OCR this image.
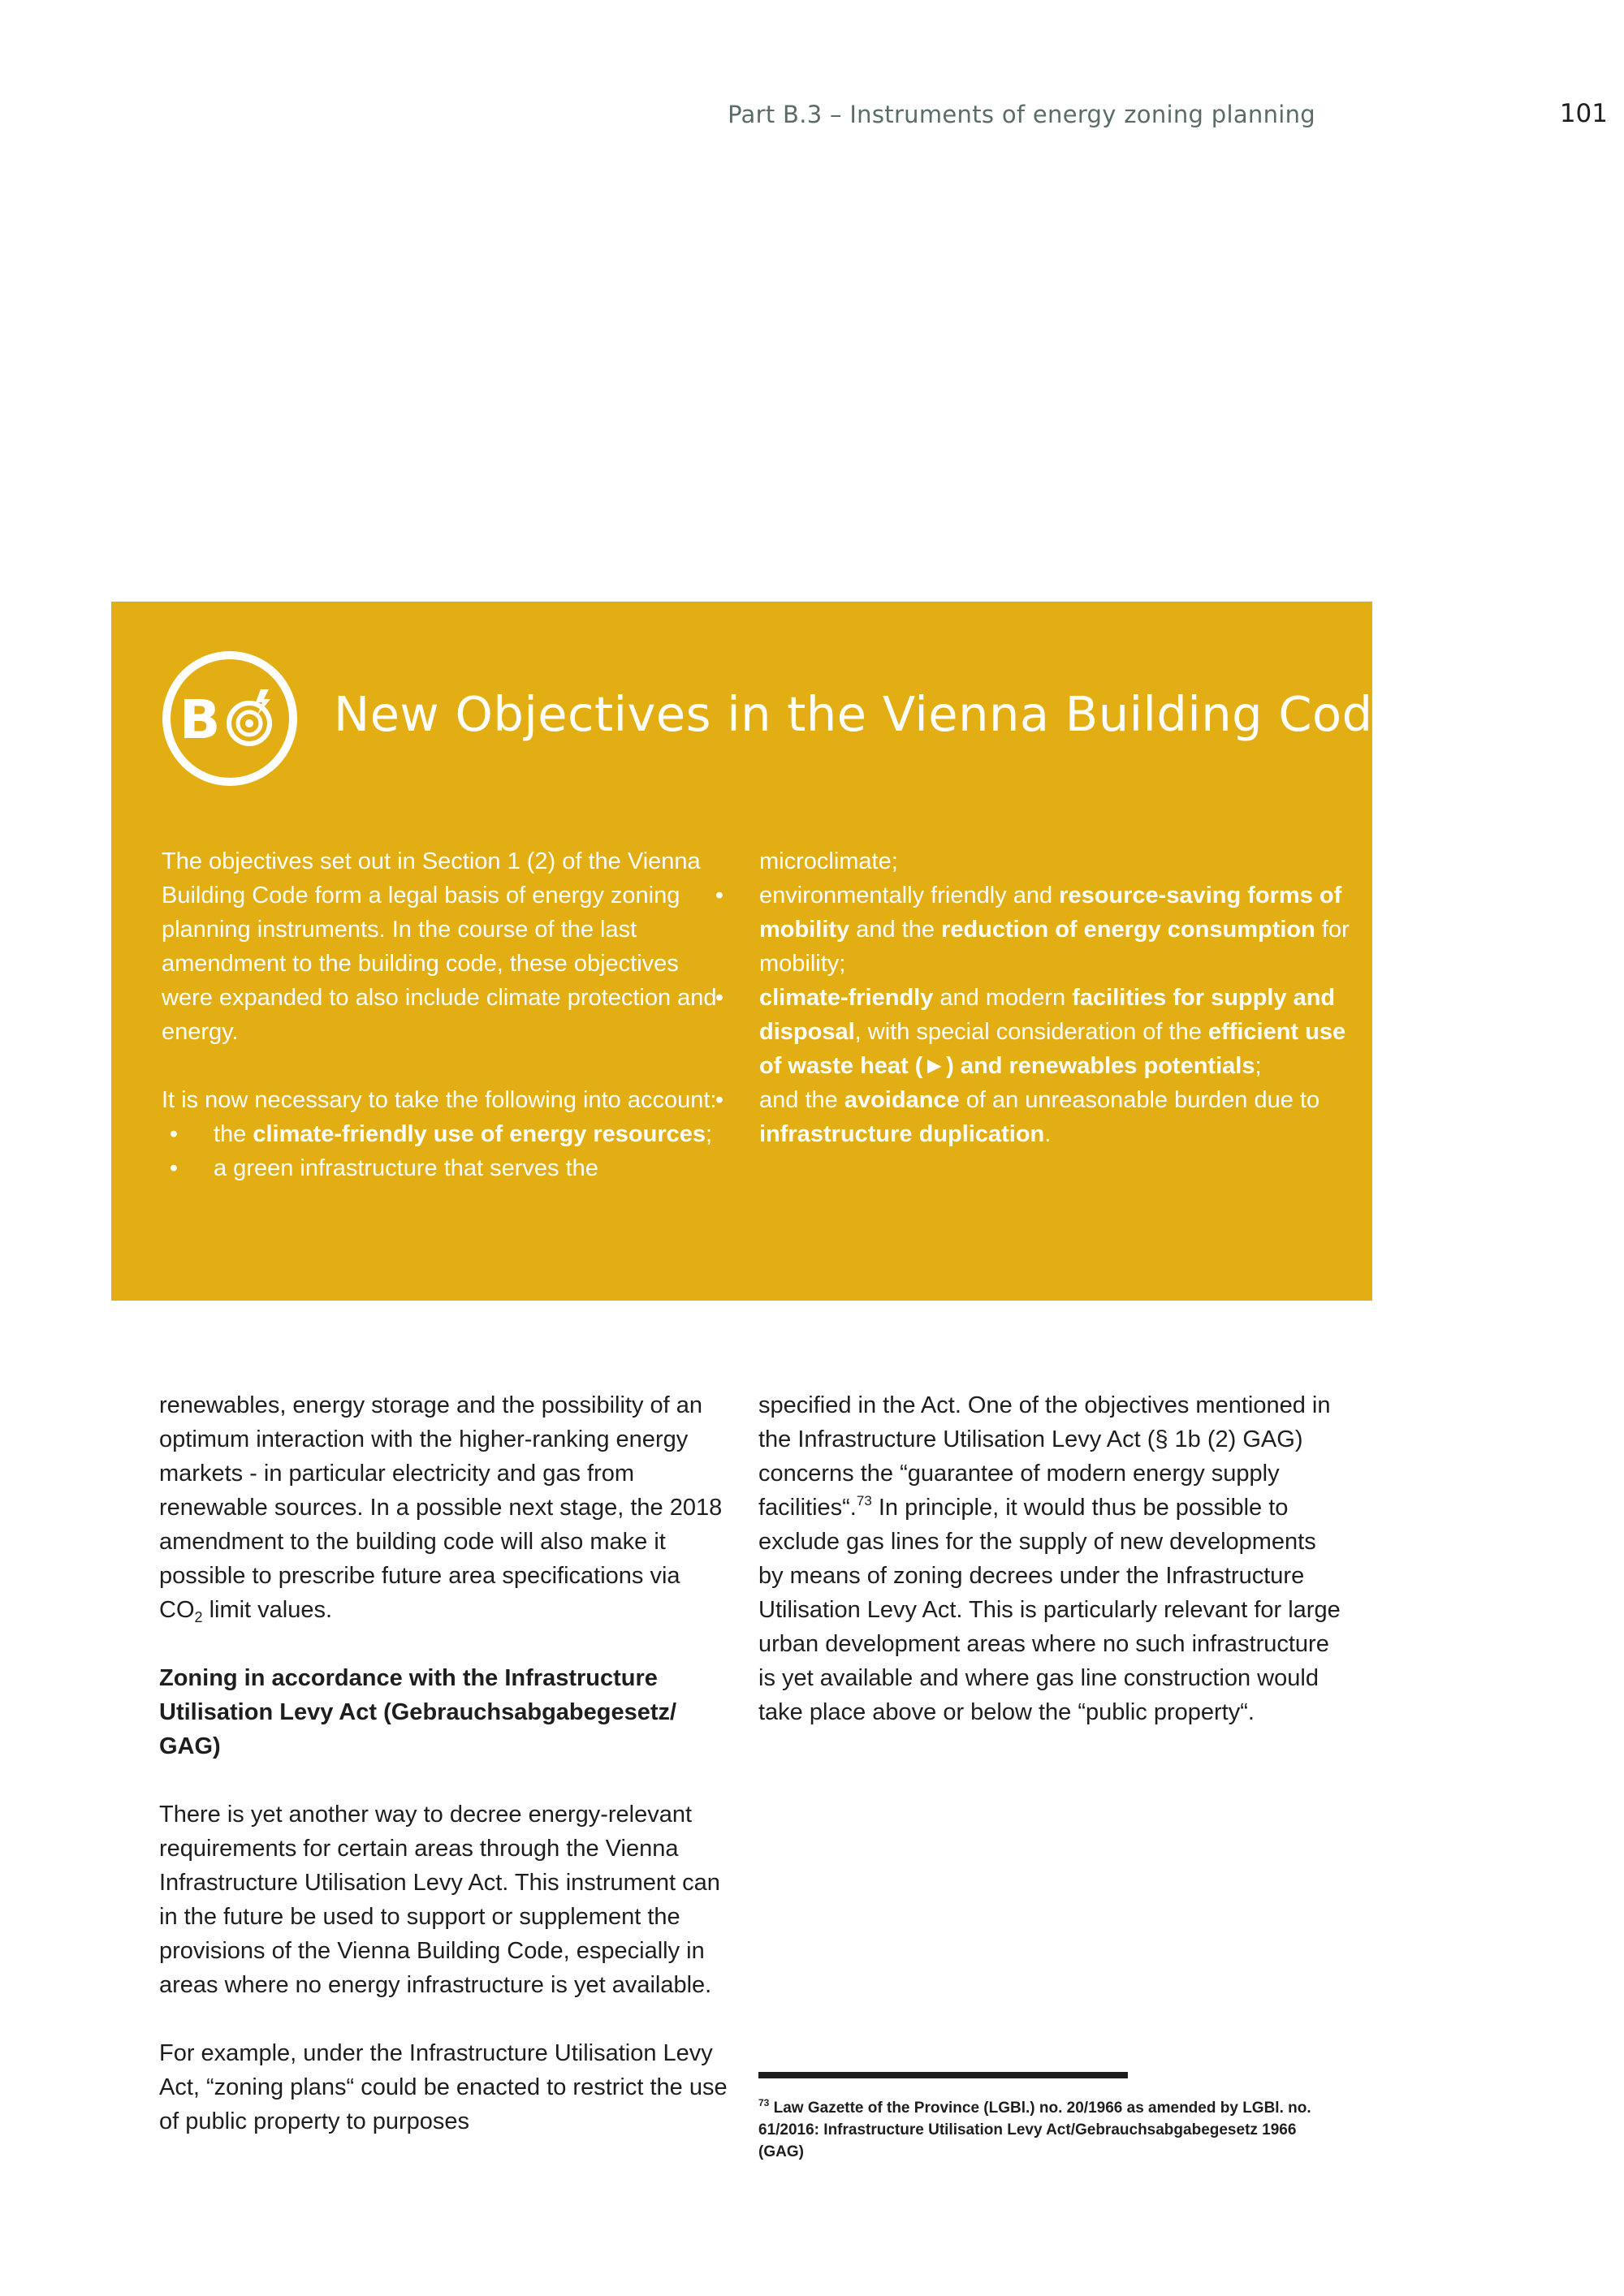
Part B.3 – Instruments of energy zoning planning	101
B New Objectives in the Vienna Building Code

The objectives set out in Section 1 (2) of the Vienna Building Code form a legal basis of energy zoning planning instruments. In the course of the last amendment to the building code, these objectives were expanded to also include climate protection and energy.

It is now necessary to take the following into account:

•	the climate-friendly use of energy resources;
•	a green infrastructure that serves the

microclimate;

•	environmentally friendly and resource-saving forms of mobility and the reduction of energy consumption for mobility;
•	climate-friendly and modern facilities for supply and disposal, with special consideration of the efficient use of waste heat (►) and renewables potentials;
•	and the avoidance of an unreasonable burden due to infrastructure duplication.

renewables, energy storage and the possibility of an optimum interaction with the higher-ranking energy markets - in particular electricity and gas from renewable sources. In a possible next stage, the 2018 amendment to the building code will also make it possible to prescribe future area specifications via $CO_2$ limit values.

Zoning in accordance with the Infrastructure Utilisation Levy Act (Gebrauchsabgabegesetz/ GAG)

There is yet another way to decree energy-relevant requirements for certain areas through the Vienna Infrastructure Utilisation Levy Act. This instrument can in the future be used to support or supplement the provisions of the Vienna Building Code, especially in areas where no energy infrastructure is yet available.

For example, under the Infrastructure Utilisation Levy Act, “zoning plans“ could be enacted to restrict the use of public property to purposes

specified in the Act. One of the objectives mentioned in the Infrastructure Utilisation Levy Act (§ 1b (2) GAG) concerns the “guarantee of modern energy supply facilities“.$^{73}$ In principle, it would thus be possible to exclude gas lines for the supply of new developments by means of zoning decrees under the Infrastructure Utilisation Levy Act. This is particularly relevant for large urban development areas where no such infrastructure is yet available and where gas line construction would take place above or below the “public property“.

$^{73}$ Law Gazette of the Province (LGBl.) no. 20/1966 as amended by LGBl. no. 61/2016: Infrastructure Utilisation Levy Act/Gebrauchsabgabegesetz 1966 (GAG)
